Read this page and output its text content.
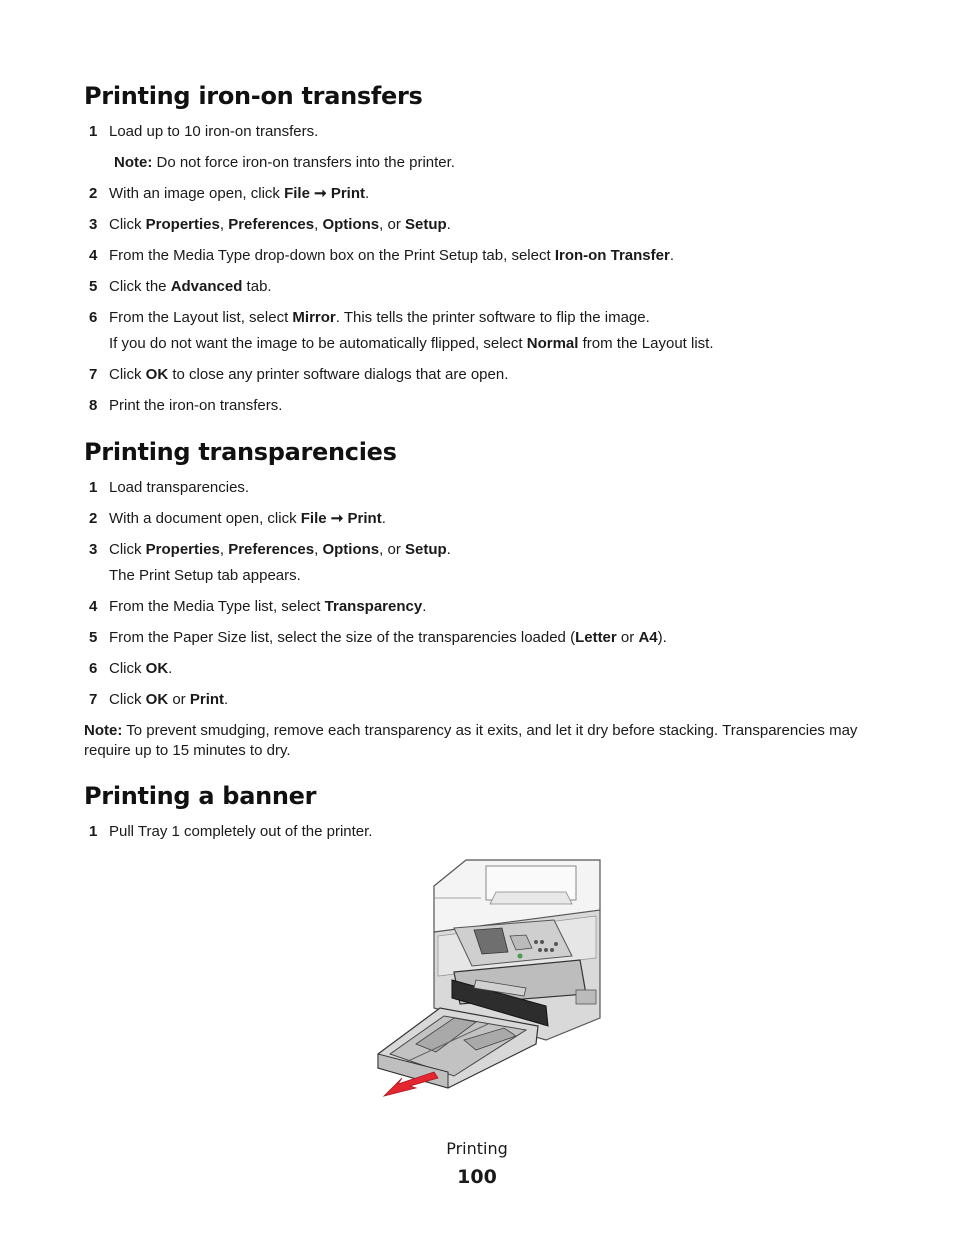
Printing iron-on transfers
1 Load up to 10 iron-on transfers.
Note: Do not force iron-on transfers into the printer.
2 With an image open, click File ➞ Print.
3 Click Properties, Preferences, Options, or Setup.
4 From the Media Type drop-down box on the Print Setup tab, select Iron-on Transfer.
5 Click the Advanced tab.
6 From the Layout list, select Mirror. This tells the printer software to flip the image.
If you do not want the image to be automatically flipped, select Normal from the Layout list.
7 Click OK to close any printer software dialogs that are open.
8 Print the iron-on transfers.
Printing transparencies
1 Load transparencies.
2 With a document open, click File ➞ Print.
3 Click Properties, Preferences, Options, or Setup.
The Print Setup tab appears.
4 From the Media Type list, select Transparency.
5 From the Paper Size list, select the size of the transparencies loaded (Letter or A4).
6 Click OK.
7 Click OK or Print.
Note: To prevent smudging, remove each transparency as it exits, and let it dry before stacking. Transparencies may require up to 15 minutes to dry.
Printing a banner
1 Pull Tray 1 completely out of the printer.
Printing
100
